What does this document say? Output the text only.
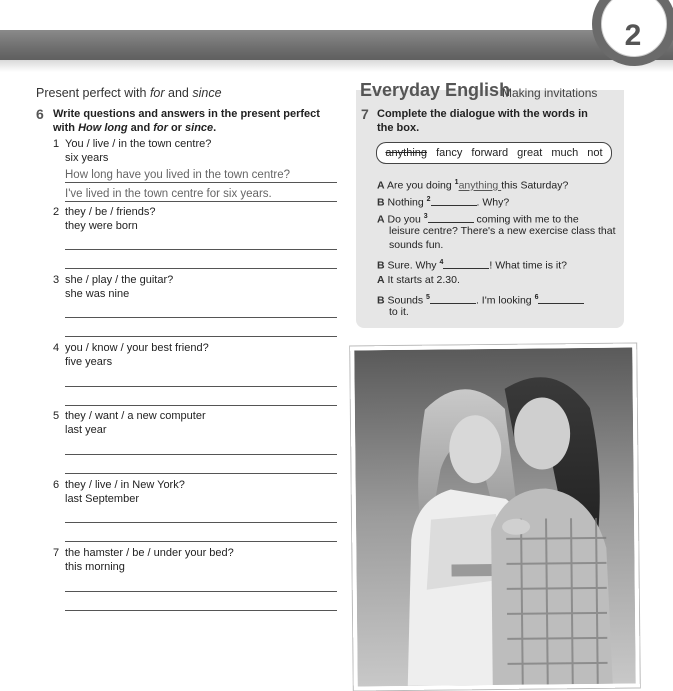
2
Present perfect with for and since
6 Write questions and answers in the present perfect
with How long and for or since.
1 You / live / in the town centre?
six years
How long have you lived in the town centre?
I've lived in the town centre for six years.
2 they / be / friends?
they were born
3 she / play / the guitar?
she was nine
4 you / know / your best friend?
five years
5 they / want / a new computer
last year
6 they / live / in New York?
last September
7 the hamster / be / under your bed?
this morning
Everyday English
Making invitations
7 Complete the dialogue with the words in
the box.
anything fancy forward great much not
A Are you doing $^1$anything this Saturday?
B Nothing $^2$	. Why?
A Do you $^3$	coming with me to the
leisure centre? There's a new exercise class that
sounds fun.
B Sure. Why $^4$	! What time is it?
A It starts at 2.30.
B Sounds $^5$	. I'm looking $^6$
to it.
